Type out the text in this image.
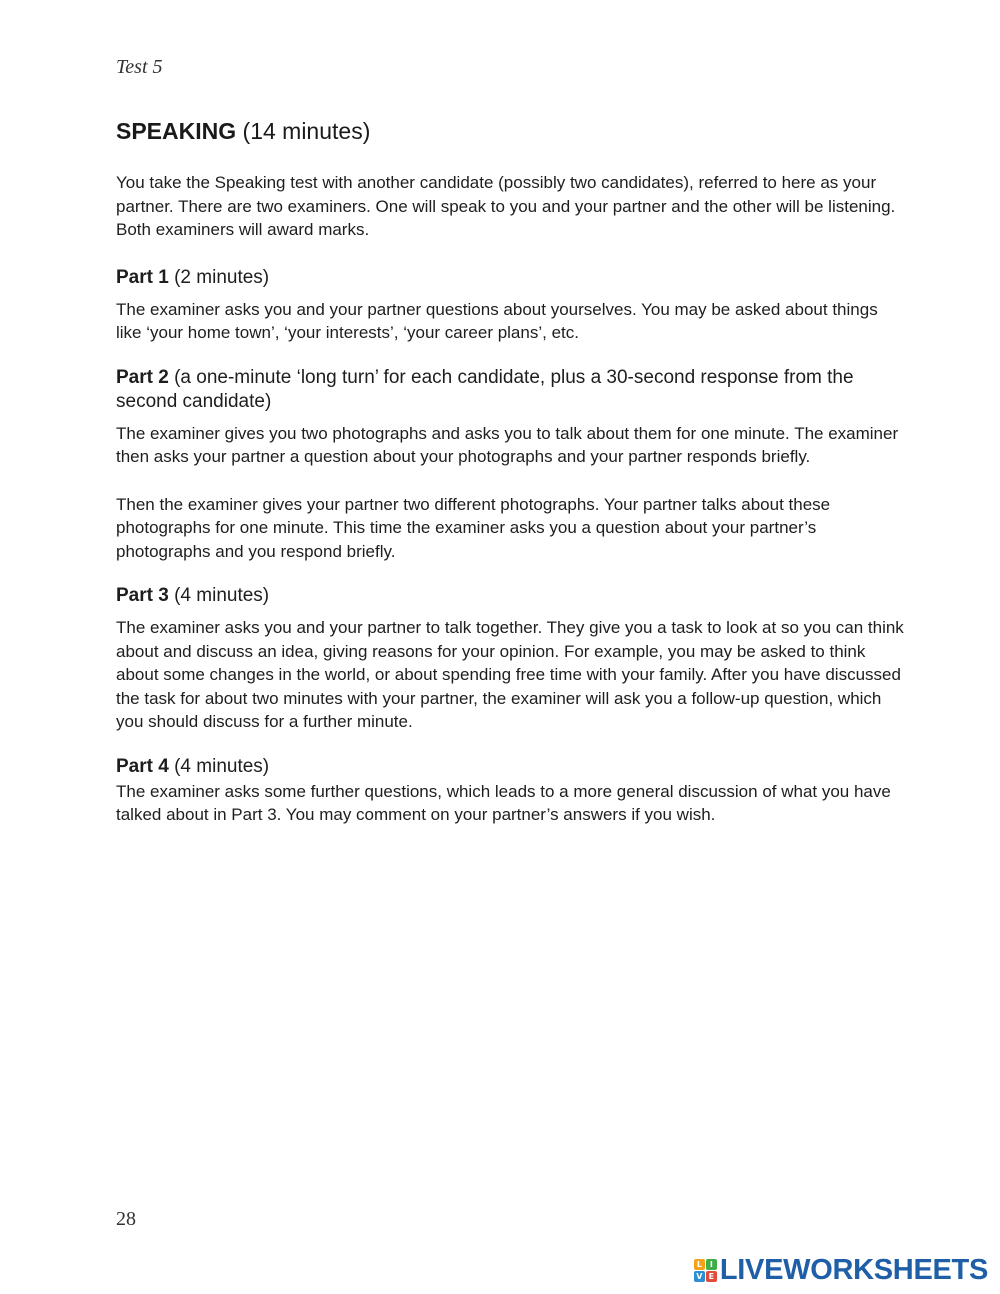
Test 5
SPEAKING (14 minutes)

You take the Speaking test with another candidate (possibly two candidates), referred to here as your partner. There are two examiners. One will speak to you and your partner and the other will be listening. Both examiners will award marks.

Part 1 (2 minutes)

The examiner asks you and your partner questions about yourselves. You may be asked about things like ‘your home town’, ‘your interests’, ‘your career plans’, etc.

Part 2 (a one-minute ‘long turn’ for each candidate, plus a 30-second response from the second candidate)

The examiner gives you two photographs and asks you to talk about them for one minute. The examiner then asks your partner a question about your photographs and your partner responds briefly.

Then the examiner gives your partner two different photographs. Your partner talks about these photographs for one minute. This time the examiner asks you a question about your partner’s photographs and you respond briefly.

Part 3 (4 minutes)

The examiner asks you and your partner to talk together. They give you a task to look at so you can think about and discuss an idea, giving reasons for your opinion. For example, you may be asked to think about some changes in the world, or about spending free time with your family. After you have discussed the task for about two minutes with your partner, the examiner will ask you a follow-up question, which you should discuss for a further minute.

Part 4 (4 minutes)

The examiner asks some further questions, which leads to a more general discussion of what you have talked about in Part 3. You may comment on your partner’s answers if you wish.

28
L I
V E LIVEWORKSHEETS
